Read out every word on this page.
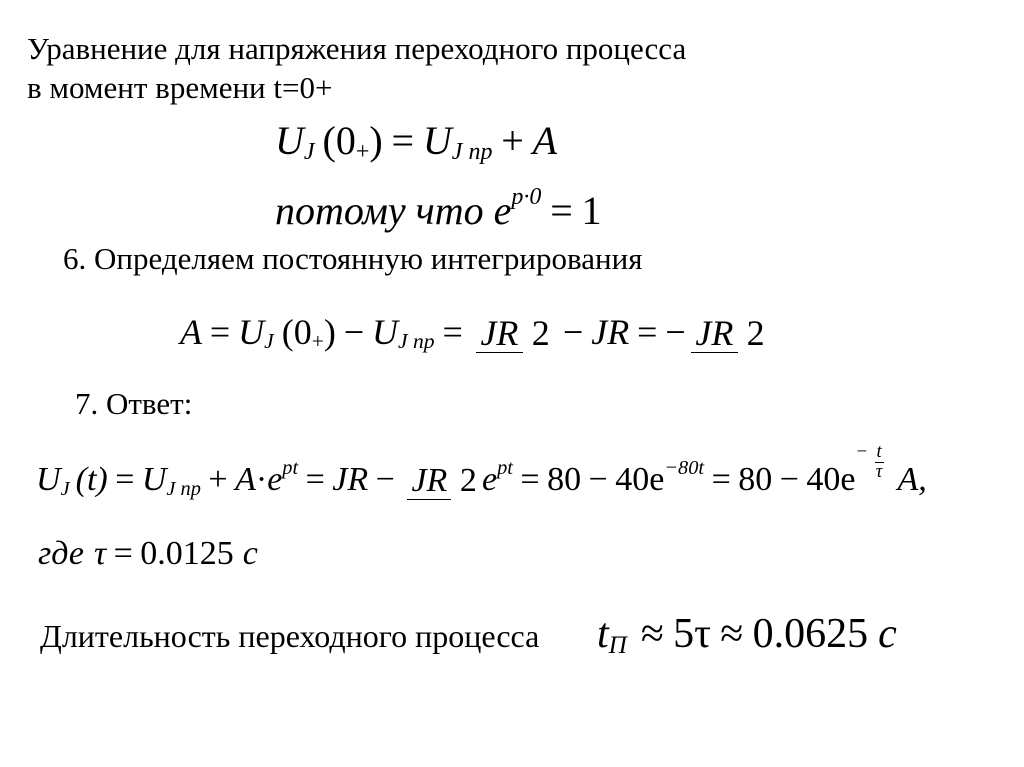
Уравнение для напряжения переходного процесса
в момент времени t=0+
U J ( 0 + ) = U J пр + A
потому что e p·0 = 1
6. Определяем постоянную интегрирования
A = U J (0 + ) − U J пр = JR 2 − JR = − JR 2
7. Ответ:
U J (t) = U J пр + A · e pt = JR − JR 2 e pt = 80 − 40e −80t = 80 − 40e
− $\frac{t}{\tau} A$,
где τ = 0.0125 с
Длительность переходного процесса t П ≈ 5τ ≈ 0.0625 с
